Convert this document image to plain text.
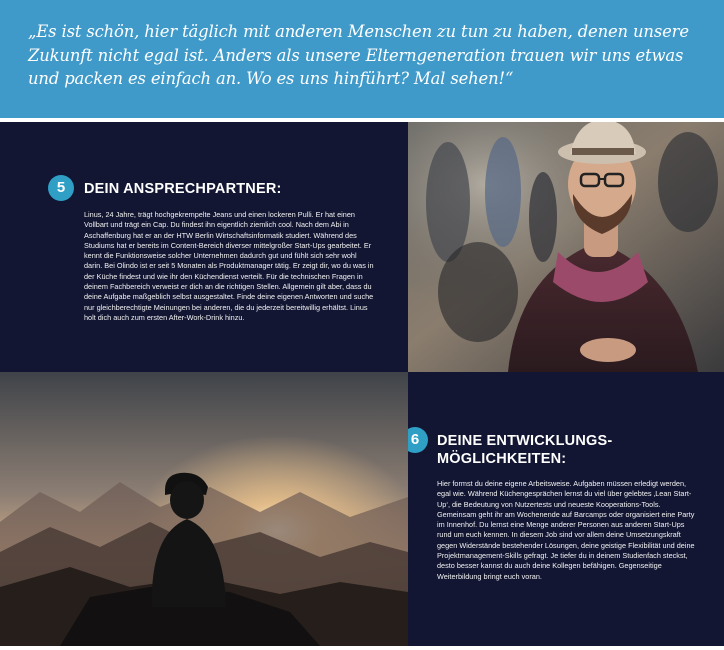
„Es ist schön, hier täglich mit anderen Menschen zu tun zu haben, denen unsere Zukunft nicht egal ist. Anders als unsere Elterngeneration trauen wir uns etwas und packen es einfach an. Wo es uns hinführt? Mal sehen!“

5	DEIN ANSPRECHPARTNER:

Linus, 24 Jahre, trägt hochgekrempelte Jeans und einen lockeren Pulli. Er hat einen Vollbart und trägt ein Cap. Du findest ihn eigentlich ziemlich cool. Nach dem Abi in Aschaffenburg hat er an der HTW Berlin Wirtschaftsinformatik studiert. Während des Studiums hat er bereits im Content-Bereich diverser mittelgroßer Start-Ups gearbeitet. Er kennt die Funktionsweise solcher Unternehmen dadurch gut und fühlt sich sehr wohl darin. Bei Olindo ist er seit 5 Monaten als Produktmanager tätig. Er zeigt dir, wo du was in der Küche findest und wie ihr den Küchendienst verteilt. Für die technischen Fragen in deinem Fachbereich verweist er dich an die richtigen Stellen. Allgemein gilt aber, dass du deine Aufgabe maßgeblich selbst ausgestaltet. Finde deine eigenen Antworten und suche nur gleichberechtigte Meinungen bei anderen, die du jederzeit bereitwillig erhältst. Linus holt dich auch zum ersten After-Work-Drink hinzu.

6	DEINE ENTWICKLUNGS- MÖGLICHKEITEN:

Hier formst du deine eigene Arbeitsweise. Aufgaben müssen erledigt werden, egal wie. Während Küchengesprächen lernst du viel über gelebtes ‚Lean Start-Up‘, die Bedeutung von Nutzertests und neueste Kooperations-Tools. Gemeinsam geht ihr am Wochenende auf Barcamps oder organisiert eine Party im Innenhof. Du lernst eine Menge anderer Personen aus anderen Start-Ups rund um euch kennen. In diesem Job sind vor allem deine Umsetzungskraft gegen Widerstände bestehender Lösungen, deine geistige Flexibilität und deine Projektmanagement-Skills gefragt. Je tiefer du in deinem Studienfach steckst, desto besser kannst du auch deine Kollegen befähigen. Gegenseitige Weiterbildung bringt euch voran.
